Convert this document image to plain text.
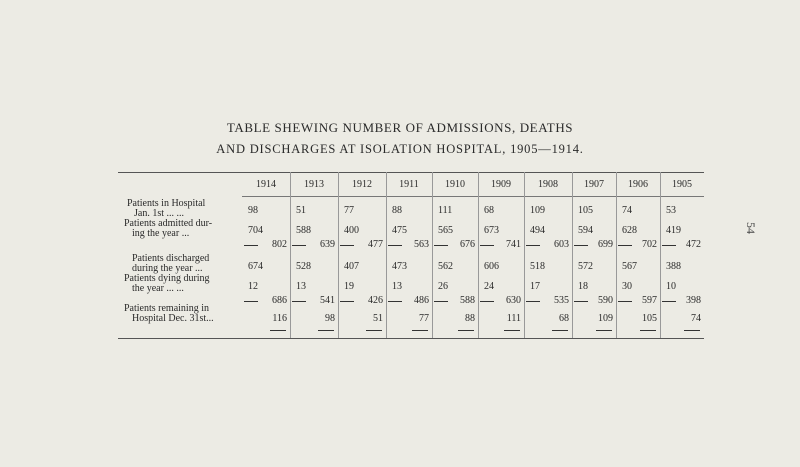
TABLE SHEWING NUMBER OF ADMISSIONS, DEATHS
AND DISCHARGES AT ISOLATION HOSPITAL, 1905—1914.
54
Patients in Hospital
Jan. 1st ... ...
Patients admitted dur-
ing the year ...
Patients discharged
during the year ...
Patients dying during
the year ... ...
Patients remaining in
Hospital Dec. 31st...
1914
98
704
802
674
12
686
116
1913
51
588
639
528
13
541
98
1912
77
400
477
407
19
426
51
1911
88
475
563
473
13
486
77
1910
111
565
676
562
26
588
88
1909
68
673
741
606
24
630
111
1908
109
494
603
518
17
535
68
1907
105
594
699
572
18
590
109
1906
74
628
702
567
30
597
105
1905
53
419
472
388
10
398
74
